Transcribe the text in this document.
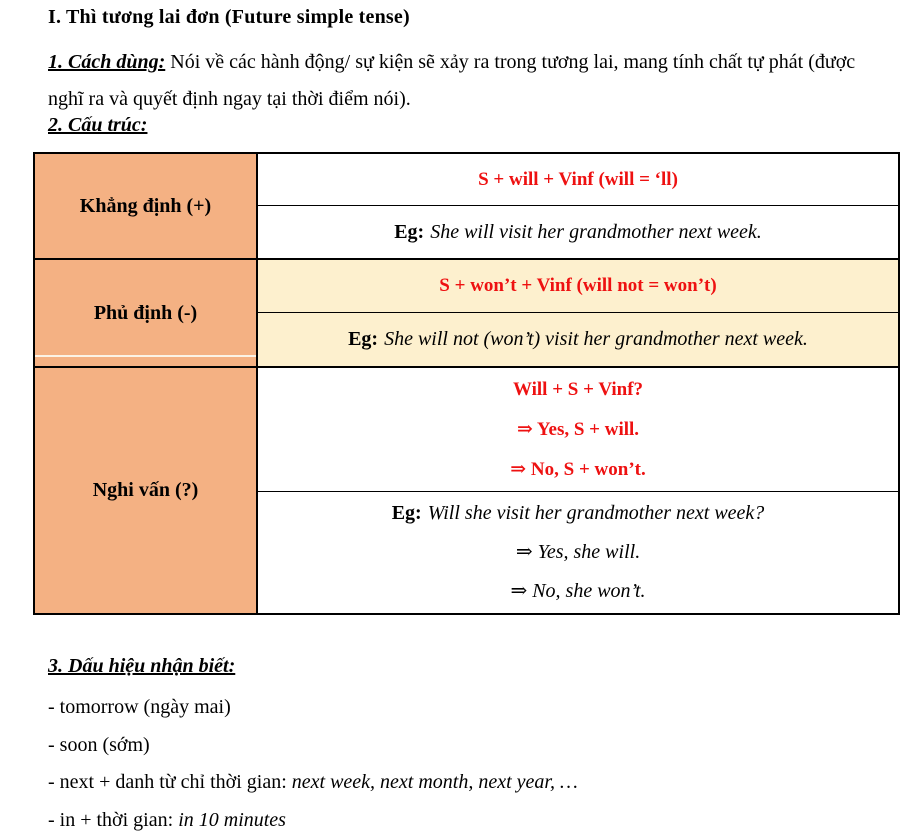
I. Thì tương lai đơn (Future simple tense)
1. Cách dùng: Nói về các hành động/ sự kiện sẽ xảy ra trong tương lai, mang tính chất tự phát (được nghĩ ra và quyết định ngay tại thời điểm nói).
2. Cấu trúc:
Khẳng định (+)
S + will + Vinf (will = ‘ll)
Eg: She will visit her grandmother next week.
Phủ định (-)
S + won’t + Vinf (will not = won’t)
Eg: She will not (won’t) visit her grandmother next week.
Nghi vấn (?)
Will + S + Vinf?
⇒ Yes, S + will.
⇒ No, S + won’t.
Eg: Will she visit her grandmother next week?
⇒ Yes, she will.
⇒ No, she won’t.
3. Dấu hiệu nhận biết:
- tomorrow (ngày mai)
- soon (sớm)
- next + danh từ chỉ thời gian: next week, next month, next year, …
- in + thời gian: in 10 minutes
